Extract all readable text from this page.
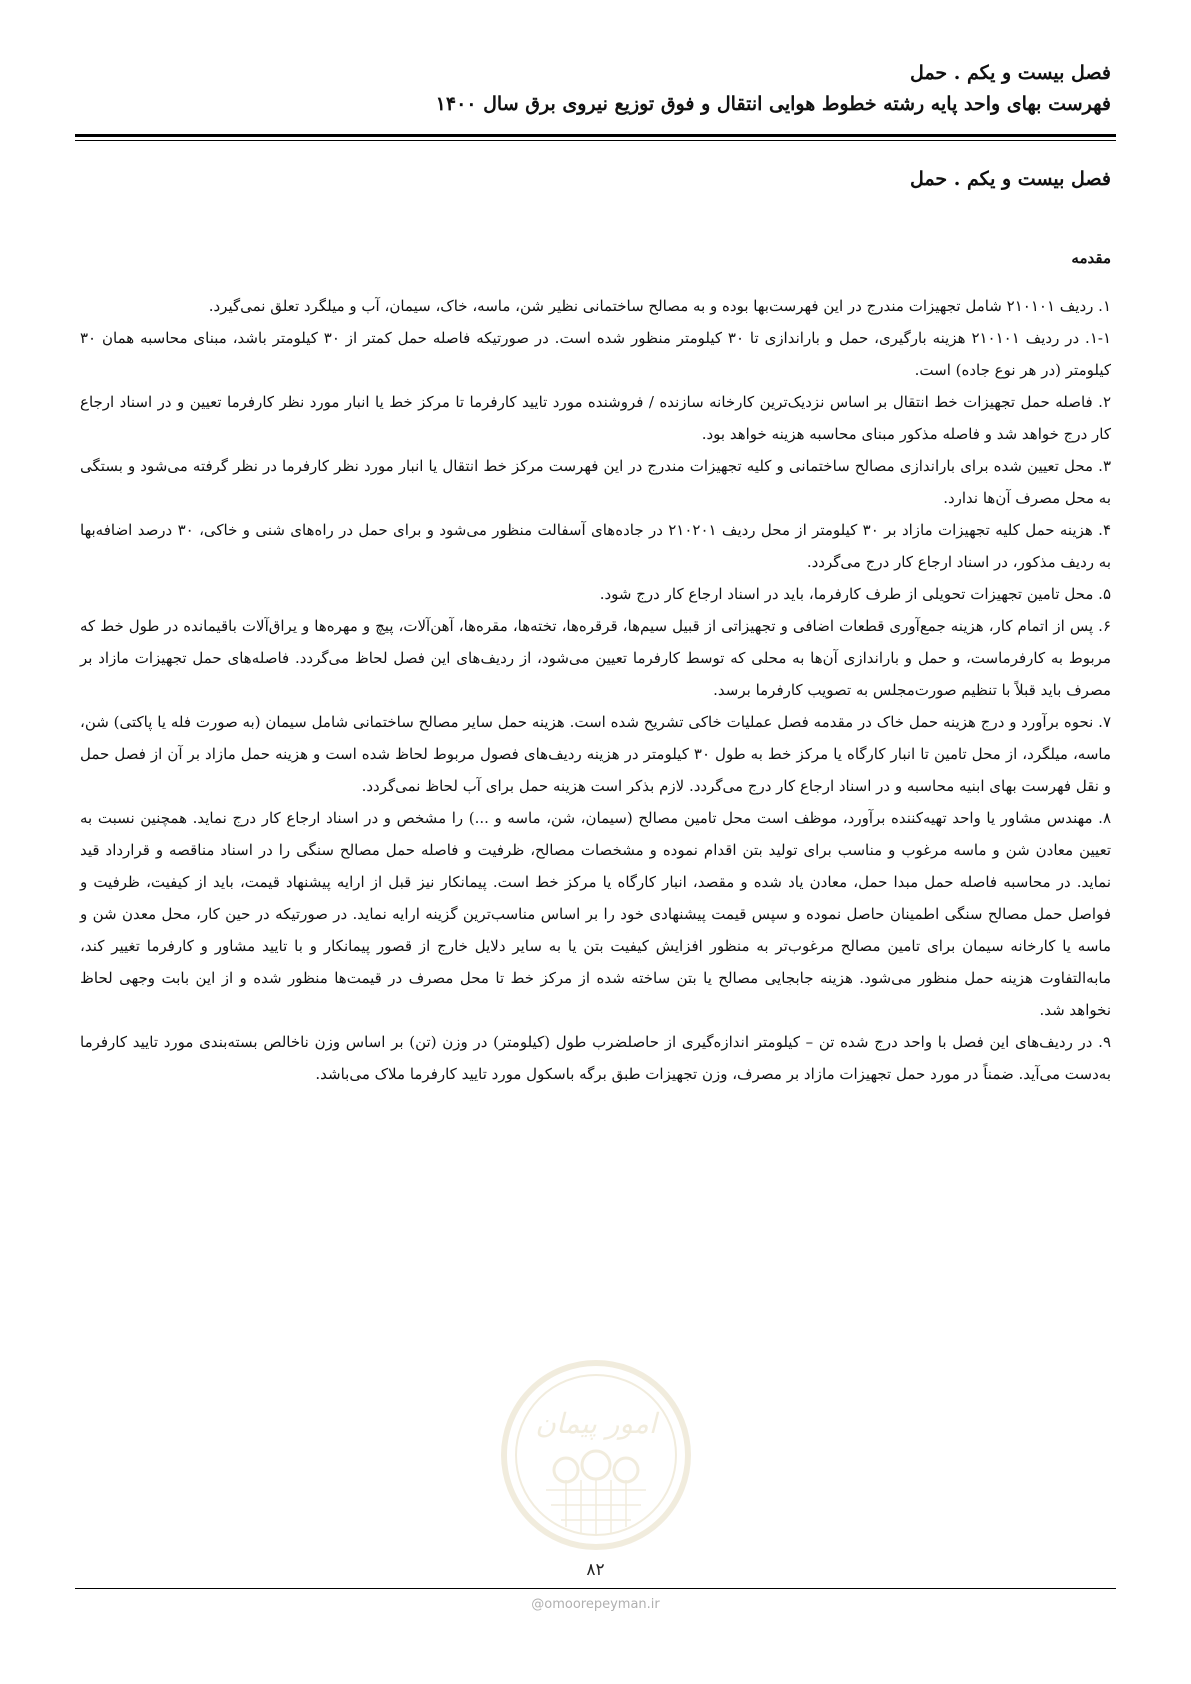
فصل بیست و یکم . حمل
فهرست بهای واحد پایه رشته خطوط هوایی انتقال و فوق توزیع نیروی برق سال ۱۴۰۰
فصل بیست و یکم . حمل
مقدمه

۱. ردیف ۲۱۰۱۰۱ شامل تجهیزات مندرج در این فهرست‌بها بوده و به مصالح ساختمانی نظیر شن، ماسه، خاک، سیمان، آب و میلگرد تعلق نمی‌گیرد.

۱-۱. در ردیف ۲۱۰۱۰۱ هزینه بارگیری، حمل و باراندازی تا ۳۰ کیلومتر منظور شده است. در صورتیکه فاصله حمل کمتر از ۳۰ کیلومتر باشد، مبنای محاسبه همان ۳۰ کیلومتر (در هر نوع جاده) است.

۲. فاصله حمل تجهیزات خط انتقال بر اساس نزدیک‌ترین کارخانه سازنده / فروشنده مورد تایید کارفرما تا مرکز خط یا انبار مورد نظر کارفرما تعیین و در اسناد ارجاع کار درج خواهد شد و فاصله مذکور مبنای محاسبه هزینه خواهد بود.

۳. محل تعیین شده برای باراندازی مصالح ساختمانی و کلیه تجهیزات مندرج در این فهرست مرکز خط انتقال یا انبار مورد نظر کارفرما در نظر گرفته می‌شود و بستگی به محل مصرف آن‌ها ندارد.

۴. هزینه حمل کلیه تجهیزات مازاد بر ۳۰ کیلومتر از محل ردیف ۲۱۰۲۰۱ در جاده‌های آسفالت منظور می‌شود و برای حمل در راه‌های شنی و خاکی، ۳۰ درصد اضافه‌بها به ردیف مذکور، در اسناد ارجاع کار درج می‌گردد.

۵. محل تامین تجهیزات تحویلی از طرف کارفرما، باید در اسناد ارجاع کار درج شود.

۶. پس از اتمام کار، هزینه جمع‌آوری قطعات اضافی و تجهیزاتی از قبیل سیم‌ها، قرقره‌ها، تخته‌ها، مقره‌ها، آهن‌آلات، پیچ و مهره‌ها و یراق‌آلات باقیمانده در طول خط که مربوط به کارفرماست، و حمل و باراندازی آن‌ها به محلی که توسط کارفرما تعیین می‌شود، از ردیف‌های این فصل لحاظ می‌گردد. فاصله‌های حمل تجهیزات مازاد بر مصرف باید قبلاً با تنظیم صورت‌مجلس به تصویب کارفرما برسد.

۷. نحوه برآورد و درج هزینه حمل خاک در مقدمه فصل عملیات خاکی تشریح شده است. هزینه حمل سایر مصالح ساختمانی شامل سیمان (به صورت فله یا پاکتی) شن، ماسه، میلگرد، از محل تامین تا انبار کارگاه یا مرکز خط به طول ۳۰ کیلومتر در هزینه ردیف‌های فصول مربوط لحاظ شده است و هزینه حمل مازاد بر آن از فصل حمل و نقل فهرست بهای ابنیه محاسبه و در اسناد ارجاع کار درج می‌گردد. لازم بذکر است هزینه حمل برای آب لحاظ نمی‌گردد.

۸. مهندس مشاور یا واحد تهیه‌کننده برآورد، موظف است محل تامین مصالح (سیمان، شن، ماسه و ...) را مشخص و در اسناد ارجاع کار درج نماید. همچنین نسبت به تعیین معادن شن و ماسه مرغوب و مناسب برای تولید بتن اقدام نموده و مشخصات مصالح، ظرفیت و فاصله حمل مصالح سنگی را در اسناد مناقصه و قرارداد قید نماید. در محاسبه فاصله حمل مبدا حمل، معادن یاد شده و مقصد، انبار کارگاه یا مرکز خط است. پیمانکار نیز قبل از ارایه پیشنهاد قیمت، باید از کیفیت، ظرفیت و فواصل حمل مصالح سنگی اطمینان حاصل نموده و سپس قیمت پیشنهادی خود را بر اساس مناسب‌ترین گزینه ارایه نماید. در صورتیکه در حین کار، محل معدن شن و ماسه یا کارخانه سیمان برای تامین مصالح مرغوب‌تر به منظور افزایش کیفیت بتن یا به سایر دلایل خارج از قصور پیمانکار و با تایید مشاور و کارفرما تغییر کند، مابه‌التفاوت هزینه حمل منظور می‌شود. هزینه جابجایی مصالح یا بتن ساخته شده از مرکز خط تا محل مصرف در قیمت‌ها منظور شده و از این بابت وجهی لحاظ نخواهد شد.

۹. در ردیف‌های این فصل با واحد درج شده تن – کیلومتر اندازه‌گیری از حاصلضرب طول (کیلومتر) در وزن (تن) بر اساس وزن ناخالص بسته‌بندی مورد تایید کارفرما به‌دست می‌آید. ضمناً در مورد حمل تجهیزات مازاد بر مصرف، وزن تجهیزات طبق برگه باسکول مورد تایید کارفرما ملاک می‌باشد.

امور پیمان
۸۲
@omoorepeyman.ir
